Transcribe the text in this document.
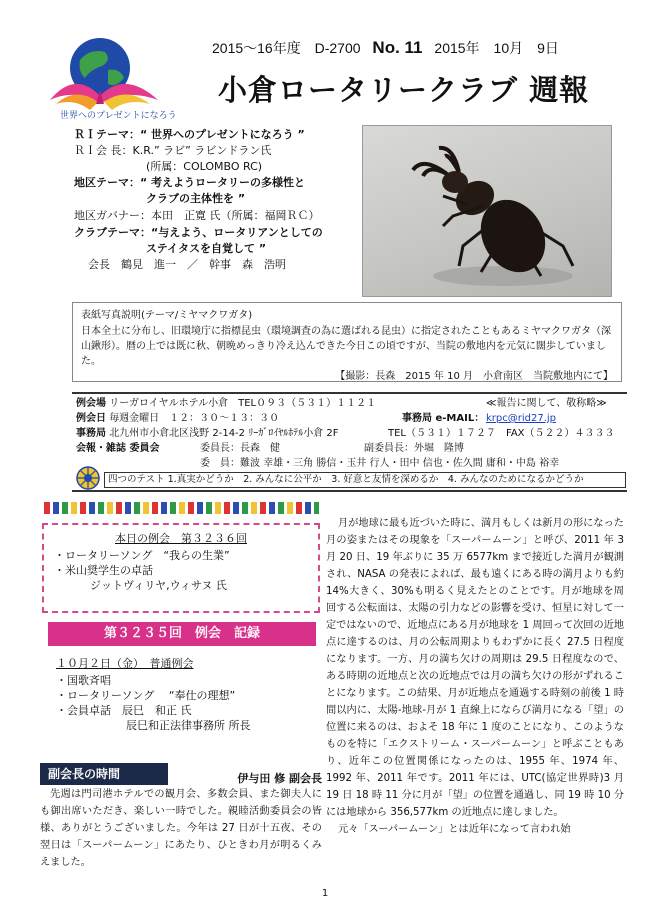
世界へのプレゼントになろう
2015～16年度 D-2700 No. 11 2015年　10月　9日
小倉ロータリークラブ 週報
ＲＩテーマ：“ 世界へのプレゼントになろう ”
ＲＩ会 長：K.R.” ラビ” ラビンドラン氏
(所属：COLOMBO RC)
地区テーマ：“ 考えようロータリーの多様性と
クラブの主体性を ”
地区ガバナー：本田　正寛 氏（所属：福岡ＲＣ）
クラブテーマ：“与えよう、ロータリアンとしての
ステイタスを自覚して ”
会長　鶴見　進一　／　幹事　森　浩明
表紙写真説明(テーマ/ミヤマクワガタ)
日本全土に分布し、旧環境庁に指標昆虫（環境調査の為に選ばれる昆虫）に指定されたこともあるミヤマクワガタ（深山鍬形）。暦の上では既に秋、朝晩めっきり冷え込んできた今日この頃ですが、当院の敷地内を元気に闊歩していました。
【撮影：長森　2015 年 10 月　小倉南区　当院敷地内にて】
例会場 リーガロイヤルホテル小倉　TEL０９３（５３１）１１２１	≪報告に関して、敬称略≫
例会日 毎週金曜日　１２：３０～１３：３０	事務局 e-MAIL： krpc@rid27.jp
事務局 北九州市小倉北区浅野 2-14-2 ﾘｰｶﾞﾛｲﾔﾙﾎﾃﾙ小倉 2F	TEL（５３１）１７２７　FAX（５２２）４３３３
会報・雑誌 委員会	委員長：長森　健	副委員長：外堀　隆博
委　員：難波 幸雄・三角 勝信・玉井 行人・田中 信也・佐久間 庸和・中島 裕幸
四つのテスト 1.真実かどうか　2. みんなに公平か　3. 好意と友情を深めるか　4. みんなのためになるかどうか
本日の例会　第３２３６回
・ロータリーソング　“我らの生業”
・米山奨学生の卓話
ジットヴィリヤ,ウィサヌ 氏
第３２３５回　例会　記録
１０月２日（金）　普通例会
・国歌斉唱
・ロータリーソング　 “奉仕の理想”
・会員卓話　辰巳　和正 氏
辰巳和正法律事務所 所長
副会長の時間	伊与田 修 副会長
先週は門司港ホテルでの観月会、多数会員、また御夫人にも御出席いただき、楽しい一時でした。親睦活動委員会の皆様、ありがとうございました。今年は 27 日が十五夜、その翌日は「スーパームーン」にあたり、ひときわ月が明るくみえました。
月が地球に最も近づいた時に、満月もしくは新月の形になった月の姿またはその現象を「スーパームーン」と呼び、2011 年 3 月 20 日、19 年ぶりに 35 万 6577km まで接近した満月が観測され、NASA の発表によれば、最も遠くにある時の満月よりも約 14%大きく、30%も明るく見えたとのことです。月が地球を周回する公転面は、太陽の引力などの影響を受け、恒星に対して一定ではないので、近地点にある月が地球を 1 周回って次回の近地点に達するのは、月の公転周期よりもわずかに長く 27.5 日程度になります。一方、月の満ち欠けの周期は 29.5 日程度なので、ある時期の近地点と次の近地点では月の満ち欠けの形がずれることになります。この結果、月が近地点を通過する時刻の前後 1 時間以内に、太陽-地球-月が 1 直線上にならび満月になる「望」の位置に来るのは、およそ 18 年に 1 度のことになり、このようなものを特に「エクストリーム・スーパームーン」と呼ぶこともあり、近年この位置関係になったのは、1955 年、1974 年、1992 年、2011 年です。2011 年には、UTC(協定世界時)3 月 19 日 18 時 11 分に月が「望」の位置を通過し、同 19 時 10 分には地球から 356,577km の近地点に達しました。
元々「スーパームーン」とは近年になって言われ始
1
